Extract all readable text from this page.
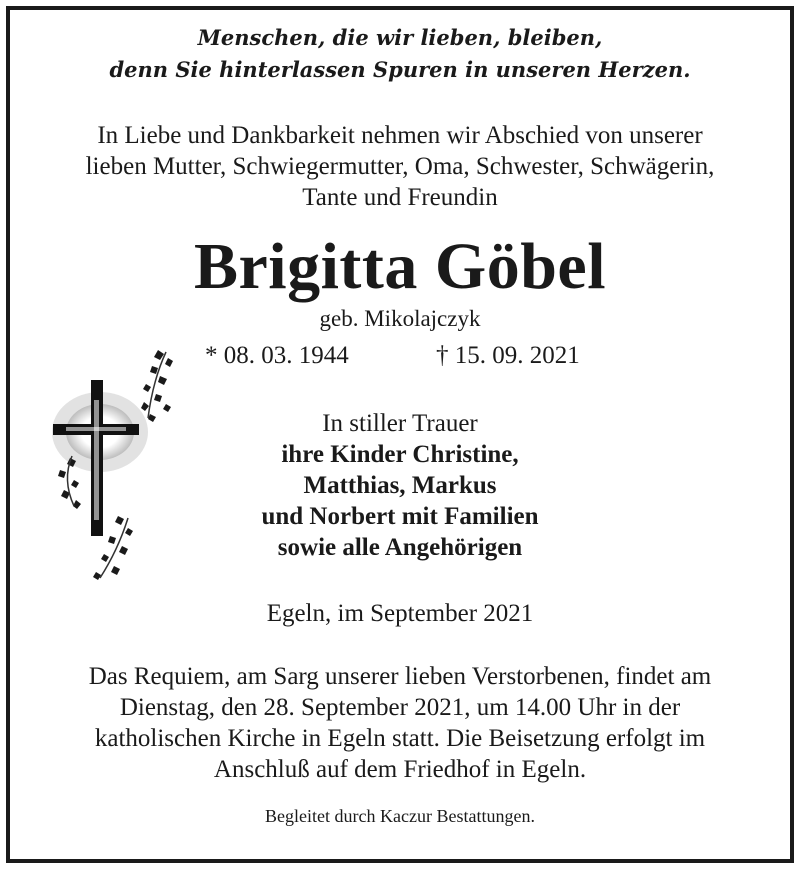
Menschen, die wir lieben, bleiben,
denn Sie hinterlassen Spuren in unseren Herzen.
In Liebe und Dankbarkeit nehmen wir Abschied von unserer
lieben Mutter, Schwiegermutter, Oma, Schwester, Schwägerin,
Tante und Freundin
Brigitta Göbel
geb. Mikolajczyk
* 08. 03. 1944	† 15. 09. 2021
In stiller Trauer
ihre Kinder Christine,
Matthias, Markus
und Norbert mit Familien
sowie alle Angehörigen
Egeln, im September 2021
Das Requiem, am Sarg unserer lieben Verstorbenen, findet am
Dienstag, den 28. September 2021, um 14.00 Uhr in der
katholischen Kirche in Egeln statt. Die Beisetzung erfolgt im
Anschluß auf dem Friedhof in Egeln.
Begleitet durch Kaczur Bestattungen.
